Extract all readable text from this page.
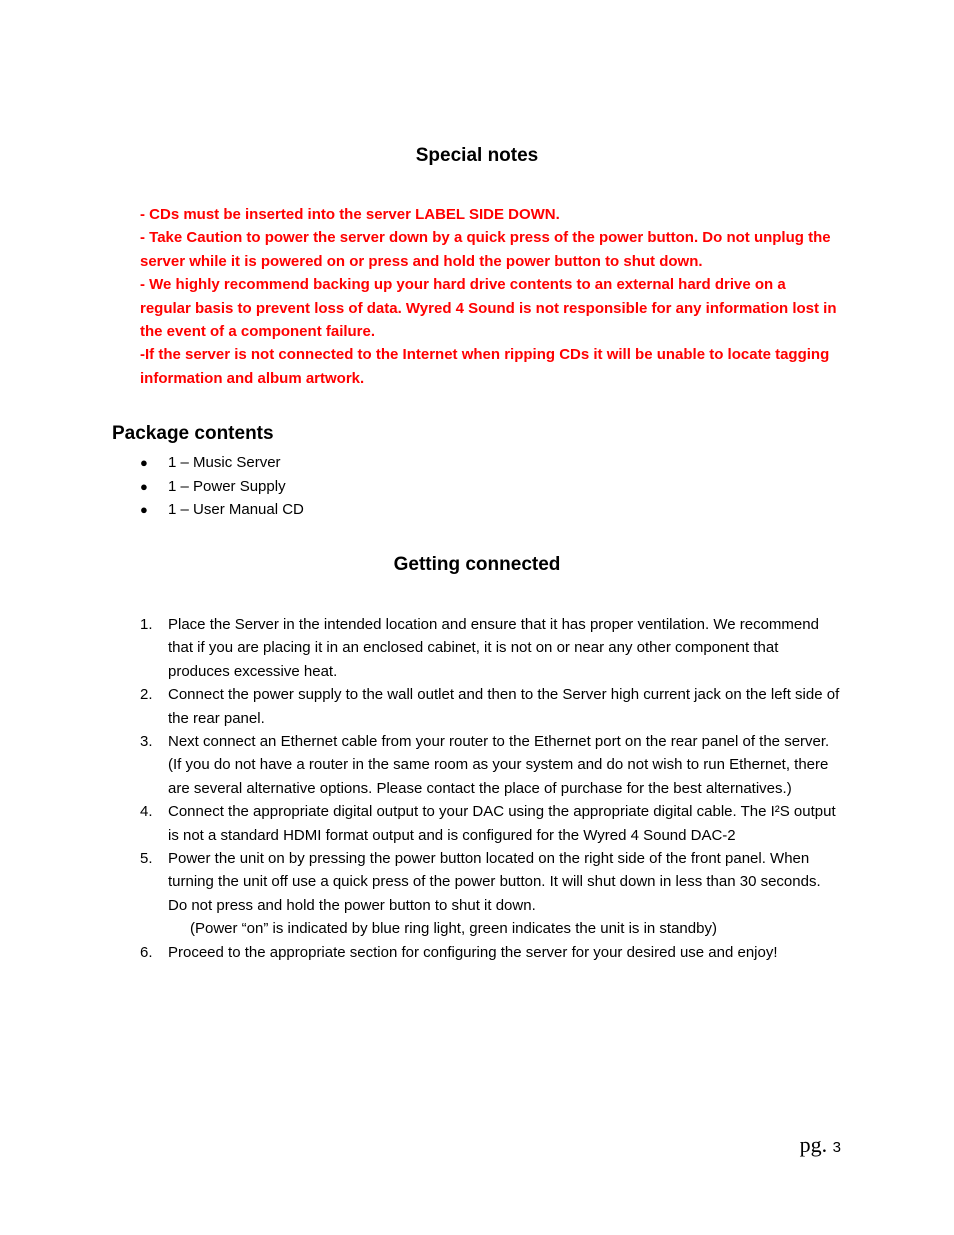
Special notes

- CDs must be inserted into the server LABEL SIDE DOWN.

- Take Caution to power the server down by a quick press of the power button. Do not unplug the server while it is powered on or press and hold the power button to shut down.

- We highly recommend backing up your hard drive contents to an external hard drive on a regular basis to prevent loss of data. Wyred 4 Sound is not responsible for any information lost in the event of a component failure.

-If the server is not connected to the Internet when ripping CDs it will be unable to locate tagging information and album artwork.

Package contents
● 1 – Music Server
● 1 – Power Supply
● 1 – User Manual CD
Getting connected
1. Place the Server in the intended location and ensure that it has proper ventilation. We recommend that if you are placing it in an enclosed cabinet, it is not on or near any other component that produces excessive heat.
2. Connect the power supply to the wall outlet and then to the Server high current jack on the left side of the rear panel.
3. Next connect an Ethernet cable from your router to the Ethernet port on the rear panel of the server. (If you do not have a router in the same room as your system and do not wish to run Ethernet, there are several alternative options. Please contact the place of purchase for the best alternatives.)
4. Connect the appropriate digital output to your DAC using the appropriate digital cable. The I²S output is not a standard HDMI format output and is configured for the Wyred 4 Sound DAC-2
5. Power the unit on by pressing the power button located on the right side of the front panel. When turning the unit off use a quick press of the power button. It will shut down in less than 30 seconds. Do not press and hold the power button to shut it down.
(Power “on” is indicated by blue ring light, green indicates the unit is in standby)
6. Proceed to the appropriate section for configuring the server for your desired use and enjoy!
pg. 3
